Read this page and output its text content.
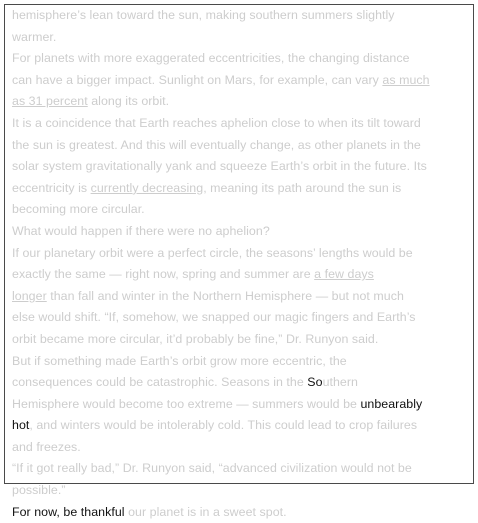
hemisphere’s lean toward the sun, making southern summers slightly
warmer.
For planets with more exaggerated eccentricities, the changing distance
can have a bigger impact. Sunlight on Mars, for example, can vary as much
as 31 percent along its orbit.
It is a coincidence that Earth reaches aphelion close to when its tilt toward
the sun is greatest. And this will eventually change, as other planets in the
solar system gravitationally yank and squeeze Earth’s orbit in the future. Its
eccentricity is currently decreasing, meaning its path around the sun is
becoming more circular.
What would happen if there were no aphelion?
If our planetary orbit were a perfect circle, the seasons’ lengths would be
exactly the same — right now, spring and summer are a few days
longer than fall and winter in the Northern Hemisphere — but not much
else would shift. “If, somehow, we snapped our magic fingers and Earth’s
orbit became more circular, it’d probably be fine,” Dr. Runyon said.
But if something made Earth’s orbit grow more eccentric, the
consequences could be catastrophic. Seasons in the Southern
Hemisphere would become too extreme — summers would be unbearably
hot, and winters would be intolerably cold. This could lead to crop failures
and freezes.
“If it got really bad,” Dr. Runyon said, “advanced civilization would not be
possible.”
For now, be thankful our planet is in a sweet spot.
